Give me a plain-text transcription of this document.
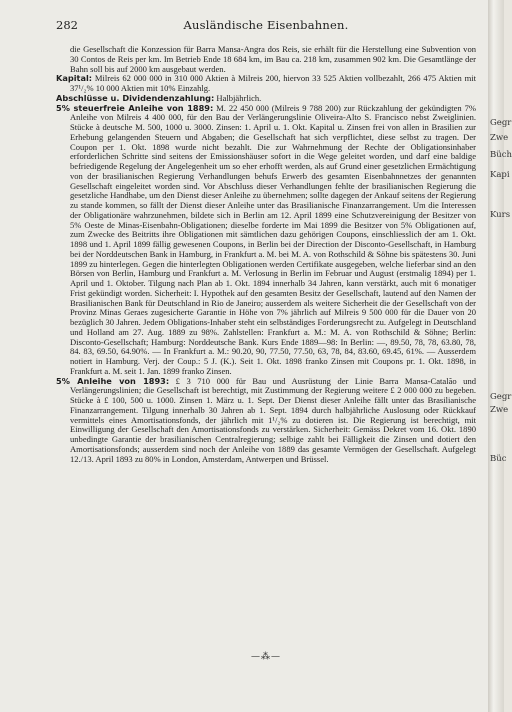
282	Ausländische Eisenbahnen.

die Gesellschaft die Konzession für Barra Mansa-Angra dos Reis, sie erhält für die Herstellung eine Subvention von 30 Contos de Reis per km. Im Betrieb Ende 18 684 km, im Bau ca. 218 km, zusammen 902 km. Die Gesamtlänge der Bahn soll bis auf 2000 km ausgebaut werden.

Kapital: Milreis 62 000 000 in 310 000 Aktien à Milreis 200, hiervon 33 525 Aktien vollbezahlt, 266 475 Aktien mit 37¹/₂% 10 000 Aktien mit 10% Einzahlg.

Abschlüsse u. Dividendenzahlung: Halbjährlich.

5% steuerfreie Anleihe von 1889: M. 22 450 000 (Milreis 9 788 200) zur Rückzahlung der gekündigten 7% Anleihe von Milreis 4 400 000, für den Bau der Verlängerungslinie Oliveira-Alto S. Francisco nebst Zweiglinien. Stücke à deutsche M. 500, 1000 u. 3000. Zinsen: 1. April u. 1. Okt. Kapital u. Zinsen frei von allen in Brasilien zur Erhebung gelangenden Steuern und Abgaben; die Gesellschaft hat sich verpflichtet, diese selbst zu tragen. Der Coupon per 1. Okt. 1898 wurde nicht bezahlt. Die zur Wahrnehmung der Rechte der Obligationsinhaber erforderlichen Schritte sind seitens der Emissionshäuser sofort in die Wege geleitet worden, und darf eine baldige befriedigende Regelung der Angelegenheit um so eher erhofft werden, als auf Grund einer gesetzlichen Ermächtigung von der brasilianischen Regierung Verhandlungen behufs Erwerb des gesamten Eisenbahnnetzes der genannten Gesellschaft eingeleitet worden sind. Vor Abschluss dieser Verhandlungen fehlte der brasilianischen Regierung die gesetzliche Handhabe, um den Dienst dieser Anleihe zu übernehmen; sollte dagegen der Ankauf seitens der Regierung zu stande kommen, so fällt der Dienst dieser Anleihe unter das Brasilianische Finanzarrangement. Um die Interessen der Obligationäre wahrzunehmen, bildete sich in Berlin am 12. April 1899 eine Schutzvereinigung der Besitzer von 5% Oeste de Minas-Eisenbahn-Obligationen; dieselbe forderte im Mai 1899 die Besitzer von 5% Obligationen auf, zum Zwecke des Beitritts ihre Obligationen mit sämtlichen dazu gehörigen Coupons, einschliesslich der am 1. Okt. 1898 und 1. April 1899 fällig gewesenen Coupons, in Berlin bei der Direction der Disconto-Gesellschaft, in Hamburg bei der Norddeutschen Bank in Hamburg, in Frankfurt a. M. bei M. A. von Rothschild & Söhne bis spätestens 30. Juni 1899 zu hinterlegen. Gegen die hinterlegten Obligationen werden Certifikate ausgegeben, welche lieferbar sind an den Börsen von Berlin, Hamburg und Frankfurt a. M. Verlosung in Berlin im Februar und August (erstmalig 1894) per 1. April und 1. Oktober. Tilgung nach Plan ab 1. Okt. 1894 innerhalb 34 Jahren, kann verstärkt, auch mit 6 monatiger Frist gekündigt worden. Sicherheit: I. Hypothek auf den gesamten Besitz der Gesellschaft, lautend auf den Namen der Brasilianischen Bank für Deutschland in Rio de Janeiro; ausserdem als weitere Sicherheit die der Gesellschaft von der Provinz Minas Geraes zugesicherte Garantie in Höhe von 7% jährlich auf Milreis 9 500 000 für die Dauer von 20 bezüglich 30 Jahren. Jedem Obligations-Inhaber steht ein selbständiges Forderungsrecht zu. Aufgelegt in Deutschland und Holland am 27. Aug. 1889 zu 98%. Zahlstellen: Frankfurt a. M.: M. A. von Rothschild & Söhne; Berlin: Disconto-Gesellschaft; Hamburg: Norddeutsche Bank. Kurs Ende 1889—98: In Berlin: —, 89.50, 78, 78, 63.80, 78, 84. 83, 69.50, 64.90%. — In Frankfurt a. M.: 90.20, 90, 77.50, 77.50, 63, 78, 84, 83.60, 69.45, 61%. — Ausserdem notiert in Hamburg. Verj. der Coup.: 5 J. (K.). Seit 1. Okt. 1898 franko Zinsen mit Coupons pr. 1. Okt. 1898, in Frankfurt a. M. seit 1. Jan. 1899 franko Zinsen.

5% Anleihe von 1893: £ 3 710 000 für Bau und Ausrüstung der Linie Barra Mansa-Catalão und Verlängerungslinien; die Gesellschaft ist berechtigt, mit Zustimmung der Regierung weitere £ 2 000 000 zu begeben. Stücke à £ 100, 500 u. 1000. Zinsen 1. März u. 1. Sept. Der Dienst dieser Anleihe fällt unter das Brasilianische Finanzarrangement. Tilgung innerhalb 30 Jahren ab 1. Sept. 1894 durch halbjährliche Auslosung oder Rückkauf vermittels eines Amortisationsfonds, der jährlich mit 1¹/₂% zu dotieren ist. Die Regierung ist berechtigt, mit Einwilligung der Gesellschaft den Amortisationsfonds zu verstärken. Sicherheit: Gemäss Dekret vom 16. Okt. 1890 unbedingte Garantie der brasilianischen Centralregierung; selbige zahlt bei Fälligkeit die Zinsen und dotiert den Amortisationsfonds; ausserdem sind noch der Anleihe von 1889 das gesamte Vermögen der Gesellschaft. Aufgelegt 12./13. April 1893 zu 80% in London, Amsterdam, Antwerpen und Brüssel.

—⁂—
Gegr
Zwe
Büch
Kapi
Kurs
Gegr
Zwe
Büc
